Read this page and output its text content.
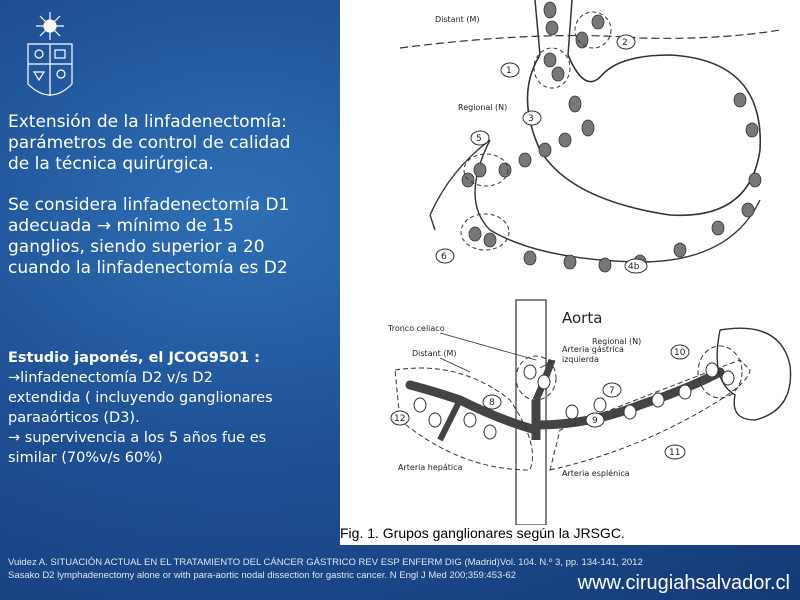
Extensión de la linfadenectomía:
parámetros de control de calidad
de la técnica quirúrgica.

Se considera linfadenectomía D1
adecuada → mínimo de 15
ganglios, siendo superior a 20
cuando la linfadenectomía es D2

Estudio japonés, el JCOG9501 :
→linfadenectomía D2 v/s D2
extendida ( incluyendo ganglionares
paraaórticos (D3).
→ supervivencia a los 5 años fue es
similar (70%v/s 60%)
Distant (M)
1
2
3
5
6
4b
Regional (N)
Aorta
10
7
8
9
12
11
Tronco celiaco
Regional (N)
Arteria gástrica
izquierda
Distant (M)
Arteria hepática
Arteria esplénica
Fig. 1. Grupos ganglionares según la JRSGC.
Vuidez A. SITUACIÓN ACTUAL EN EL TRATAMIENTO DEL CÁNCER GÁSTRICO REV ESP ENFERM DIG (Madrid)Vol. 104. N.º 3, pp. 134-141, 2012
Sasako D2 lymphadenectomy alone or with para-aortic nodal dissection for gastric cancer. N Engl J Med 200;359:453-62	www.cirugiahsalvador.cl
